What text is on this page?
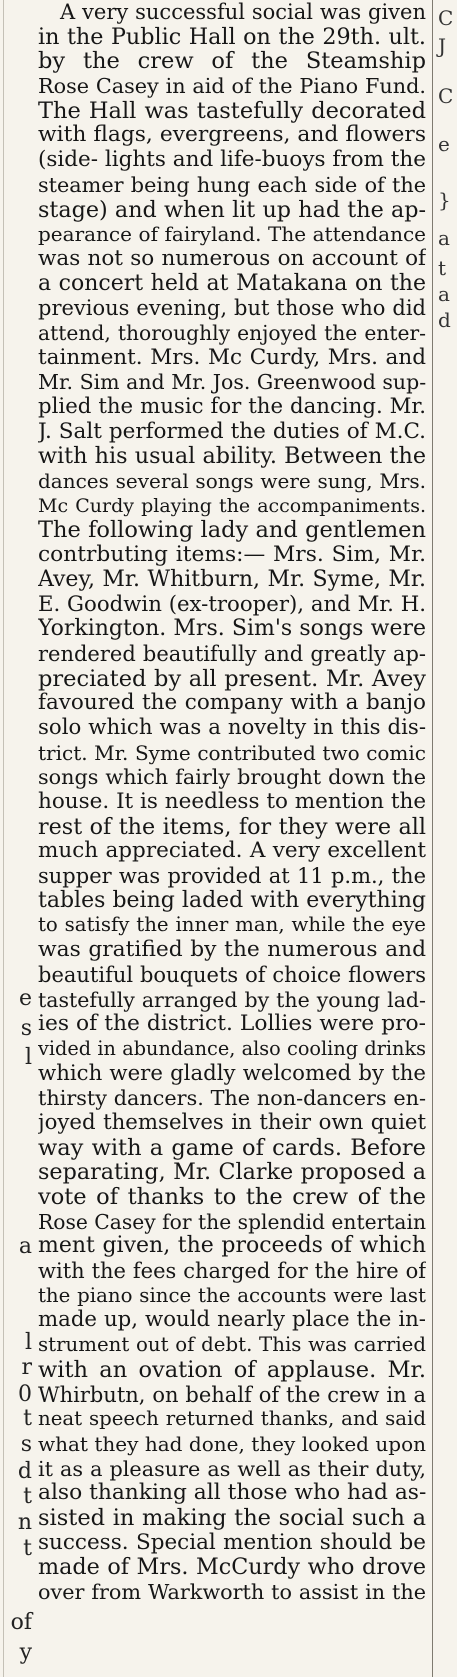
e
s
l
a
l
r
0
t
s
d
t
n
t
of
y
C
J
C
e
}
a
t
a
d
A very successful social was given
in the Public Hall on the 29th. ult.
by the crew of the Steamship
Rose Casey in aid of the Piano Fund.
The Hall was tastefully decorated
with flags, evergreens, and flowers
(side- lights and life-buoys from the
steamer being hung each side of the
stage) and when lit up had the ap-
pearance of fairyland. The attendance
was not so numerous on account of
a concert held at Matakana on the
previous evening, but those who did
attend, thoroughly enjoyed the enter-
tainment. Mrs. Mc Curdy, Mrs. and
Mr. Sim and Mr. Jos. Greenwood sup-
plied the music for the dancing. Mr.
J. Salt performed the duties of M.C.
with his usual ability. Between the
dances several songs were sung, Mrs.
Mc Curdy playing the accompaniments.
The following lady and gentlemen
contrbuting items:— Mrs. Sim, Mr.
Avey, Mr. Whitburn, Mr. Syme, Mr.
E. Goodwin (ex-trooper), and Mr. H.
Yorkington. Mrs. Sim's songs were
rendered beautifully and greatly ap-
preciated by all present. Mr. Avey
favoured the company with a banjo
solo which was a novelty in this dis-
trict. Mr. Syme contributed two comic
songs which fairly brought down the
house. It is needless to mention the
rest of the items, for they were all
much appreciated. A very excellent
supper was provided at 11 p.m., the
tables being laded with everything
to satisfy the inner man, while the eye
was gratified by the numerous and
beautiful bouquets of choice flowers
tastefully arranged by the young lad-
ies of the district. Lollies were pro-
vided in abundance, also cooling drinks
which were gladly welcomed by the
thirsty dancers. The non-dancers en-
joyed themselves in their own quiet
way with a game of cards. Before
separating, Mr. Clarke proposed a
vote of thanks to the crew of the
Rose Casey for the splendid entertain
ment given, the proceeds of which
with the fees charged for the hire of
the piano since the accounts were last
made up, would nearly place the in-
strument out of debt. This was carried
with an ovation of applause. Mr.
Whirbutn, on behalf of the crew in a
neat speech returned thanks, and said
what they had done, they looked upon
it as a pleasure as well as their duty,
also thanking all those who had as-
sisted in making the social such a
success. Special mention should be
made of Mrs. McCurdy who drove
over from Warkworth to assist in the
